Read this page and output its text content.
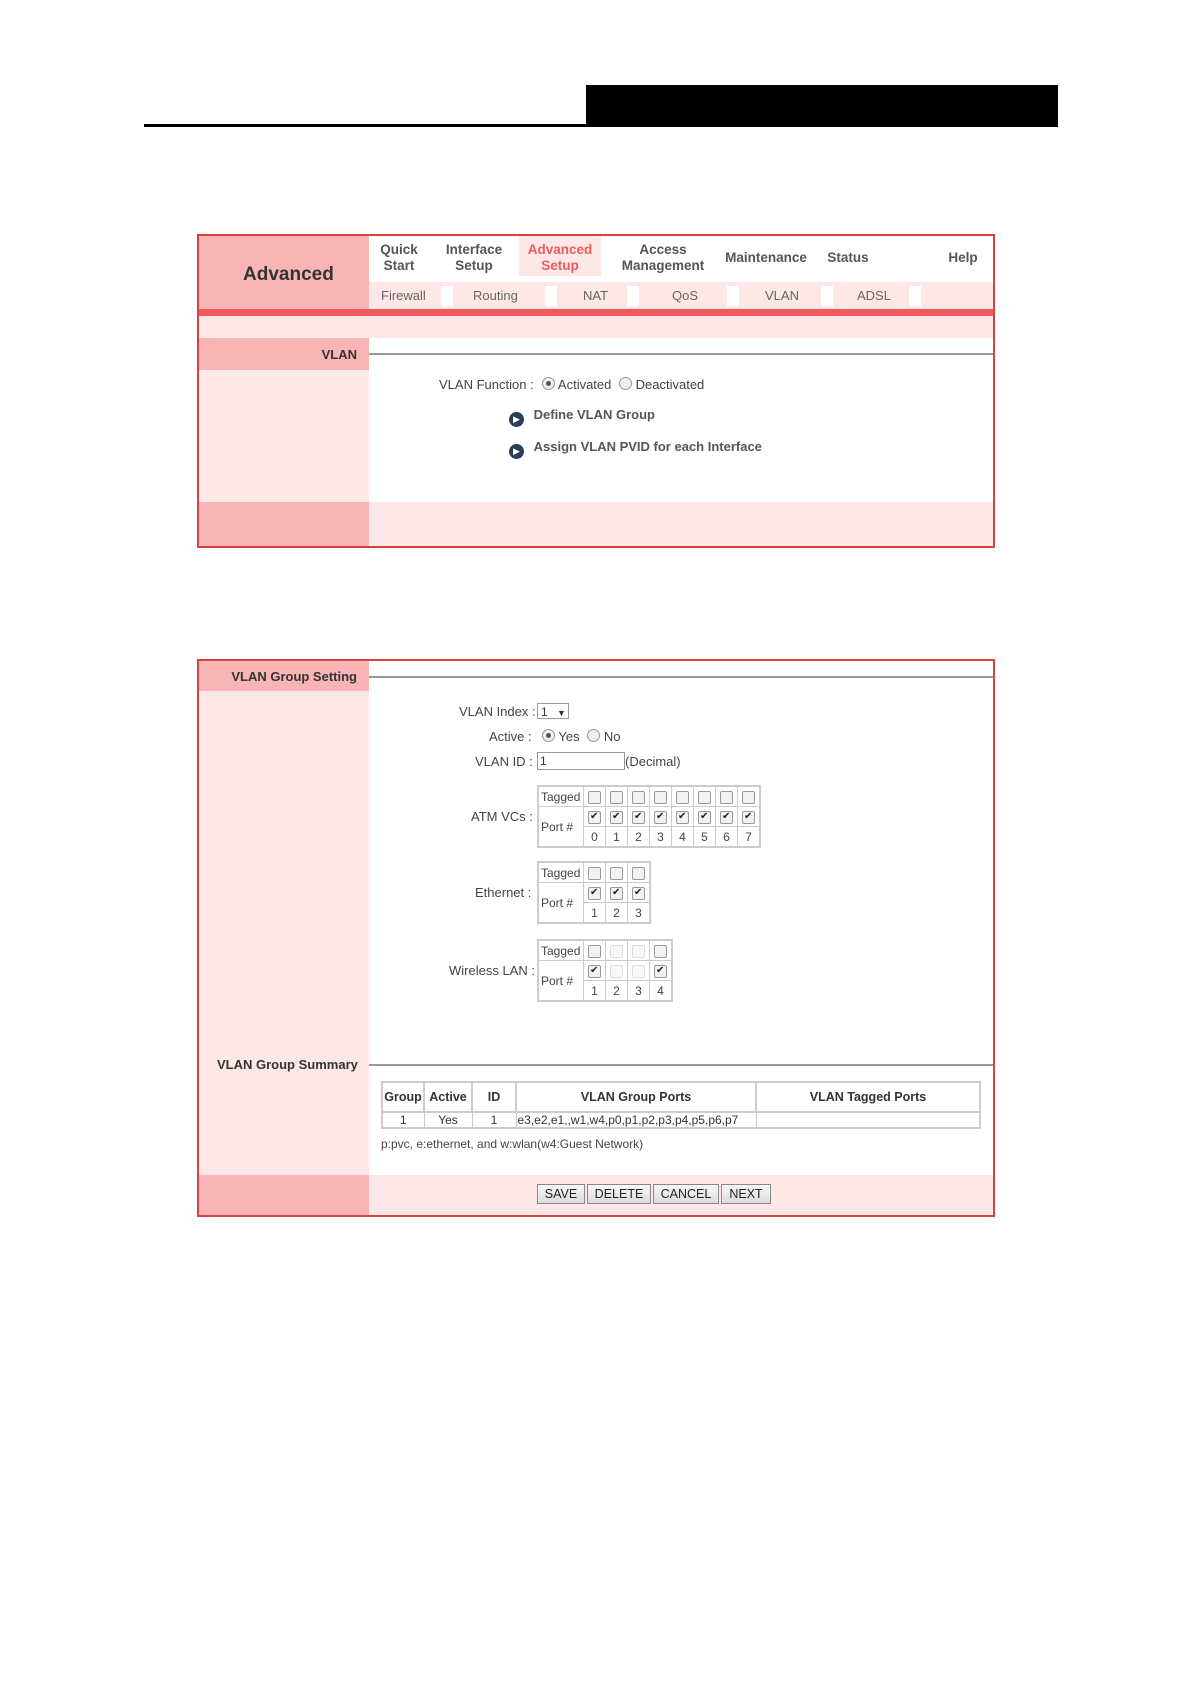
Advanced
Quick
Start
Interface
Setup
Advanced
Setup
Access
Management
Maintenance	Status	Help
Firewall	Routing	NAT	QoS	VLAN	ADSL
VLAN
VLAN Function :	Activated Deactivated
▶ Define VLAN Group
▶ Assign VLAN PVID for each Interface
VLAN Group Setting
VLAN Index : 1 ▼
Active :	Yes No
VLAN ID : 1	(Decimal)
ATM VCs :
Tagged								
Port #	✔	✔	✔	✔	✔	✔	✔	✔
	0	1	2	3	4	5	6	7
Ethernet :
Tagged			
Port #	✔	✔	✔
	1	2	3
Wireless LAN :
Tagged				
Port #	✔			✔
	1	2	3	4
VLAN Group Summary
Group	Active	ID	VLAN Group Ports	VLAN Tagged Ports
1	Yes	1	e3,e2,e1,,w1,w4,p0,p1,p2,p3,p4,p5,p6,p7	
p:pvc, e:ethernet, and w:wlan(w4:Guest Network)
SAVE	DELETE	CANCEL	NEXT
